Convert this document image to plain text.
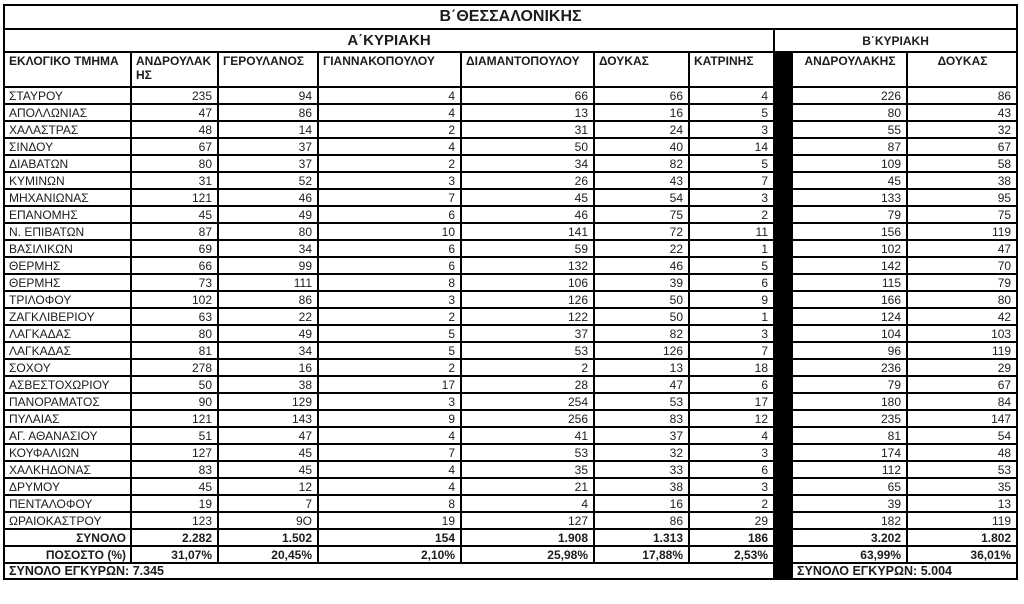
Β΄ΘΕΣΣΑΛΟΝΙΚΗΣ									
Α΄ΚΥΡΙΑΚΗ							Β΄ΚΥΡΙΑΚΗ		
ΕΚΛΟΓΙΚΟ ΤΜΗΜΑ	ΑΝΔΡΟΥΛΑΚΗΣ	ΓΕΡΟΥΛΑΝΟΣ	ΓΙΑΝΝΑΚΟΠΟΥΛΟΥ	ΔΙΑΜΑΝΤΟΠΟΥΛΟΥ	ΔΟΥΚΑΣ	ΚΑΤΡΙΝΗΣ		ΑΝΔΡΟΥΛΑΚΗΣ	ΔΟΥΚΑΣ
ΣΤΑΥΡΟΥ	235	94	4	66	66	4		226	86
ΑΠΟΛΛΩΝΙΑΣ	47	86	4	13	16	5		80	43
ΧΑΛΑΣΤΡΑΣ	48	14	2	31	24	3		55	32
ΣΙΝΔΟΥ	67	37	4	50	40	14		87	67
ΔΙΑΒΑΤΩΝ	80	37	2	34	82	5		109	58
ΚΥΜΙΝΩΝ	31	52	3	26	43	7		45	38
ΜΗΧΑΝΙΩΝΑΣ	121	46	7	45	54	3		133	95
ΕΠΑΝΟΜΗΣ	45	49	6	46	75	2		79	75
Ν. ΕΠΙΒΑΤΩΝ	87	80	10	141	72	11		156	119
ΒΑΣΙΛΙΚΩΝ	69	34	6	59	22	1		102	47
ΘΕΡΜΗΣ	66	99	6	132	46	5		142	70
ΘΕΡΜΗΣ	73	111	8	106	39	6		115	79
ΤΡΙΛΟΦΟΥ	102	86	3	126	50	9		166	80
ΖΑΓΚΛΙΒΕΡΙΟΥ	63	22	2	122	50	1		124	42
ΛΑΓΚΑΔΑΣ	80	49	5	37	82	3		104	103
ΛΑΓΚΑΔΑΣ	81	34	5	53	126	7		96	119
ΣΟΧΟΥ	278	16	2	2	13	18		236	29
ΑΣΒΕΣΤΟΧΩΡΙΟΥ	50	38	17	28	47	6		79	67
ΠΑΝΟΡΑΜΑΤΟΣ	90	129	3	254	53	17		180	84
ΠΥΛΑΙΑΣ	121	143	9	256	83	12		235	147
ΑΓ. ΑΘΑΝΑΣΙΟΥ	51	47	4	41	37	4		81	54
ΚΟΥΦΑΛΙΩΝ	127	45	7	53	32	3		174	48
ΧΑΛΚΗΔΟΝΑΣ	83	45	4	35	33	6		112	53
ΔΡΥΜΟΥ	45	12	4	21	38	3		65	35
ΠΕΝΤΑΛΟΦΟΥ	19	7	8	4	16	2		39	13
ΩΡΑΙΟΚΑΣΤΡΟΥ	123	9O	19	127	86	29		182	119
ΣΥΝΟΛΟ	2.282	1.502	154	1.908	1.313	186		3.202	1.802
ΠΟΣΟΣΤΟ (%)	31,07%	20,45%	2,10%	25,98%	17,88%	2,53%		63,99%	36,01%
ΣΥΝΟΛΟ ΕΓΚΥΡΩΝ: 7.345								ΣΥΝΟΛΟ ΕΓΚΥΡΩΝ: 5.004	
